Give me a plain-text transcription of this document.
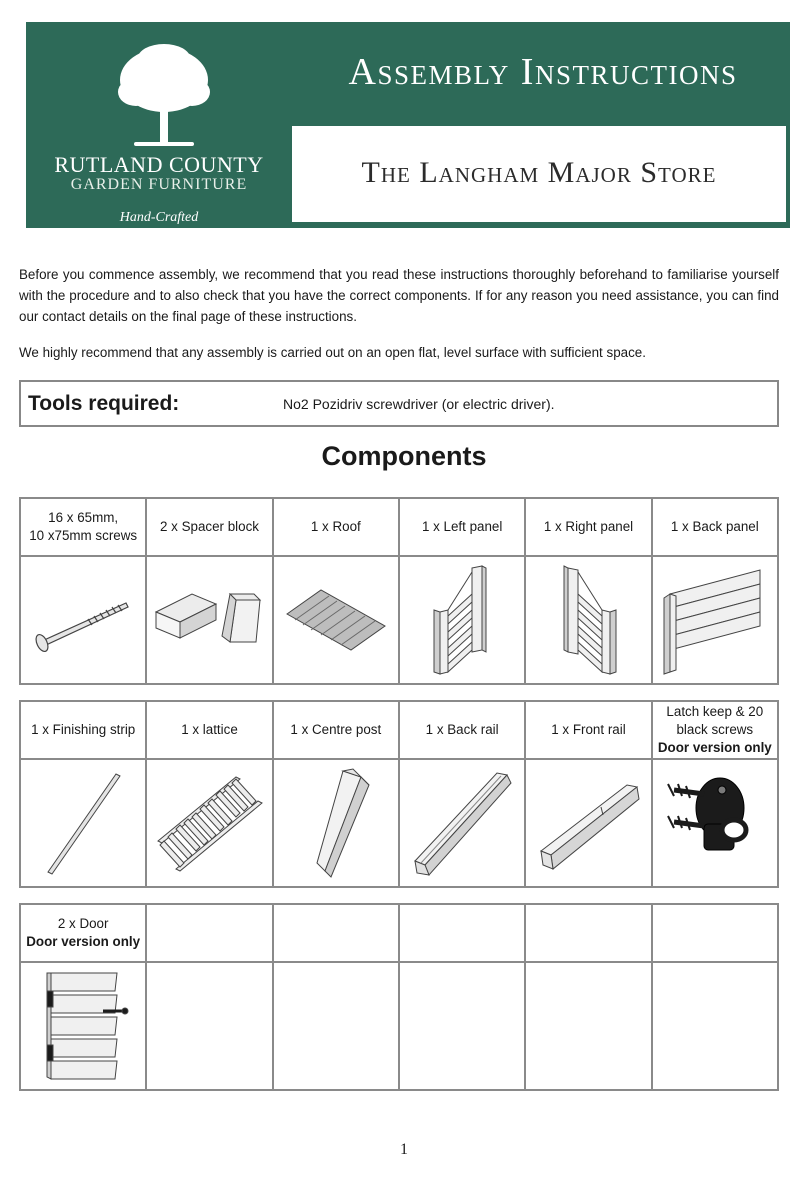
RUTLAND COUNTY
GARDEN FURNITURE
Hand-Crafted
Assembly Instructions
The Langham Major Store
Before you commence assembly, we recommend that you read these instructions thoroughly beforehand to familiarise yourself with the procedure and to also check that you have the correct components. If for any reason you need assistance, you can find our contact details on the final page of these instructions.
We highly recommend that any assembly is carried out on an open flat, level surface with sufficient space.
Tools required:	No2 Pozidriv screwdriver (or electric driver).
Components
16 x 65mm,
10 x75mm screws	2 x Spacer block	1 x Roof	1 x Left panel	1 x Right panel	1 x Back panel

1 x Finishing strip	1 x lattice	1 x Centre post	1 x Back rail	1 x Front rail	Latch keep & 20
black screws
Door version only

2 x Door
Door version only					

1
